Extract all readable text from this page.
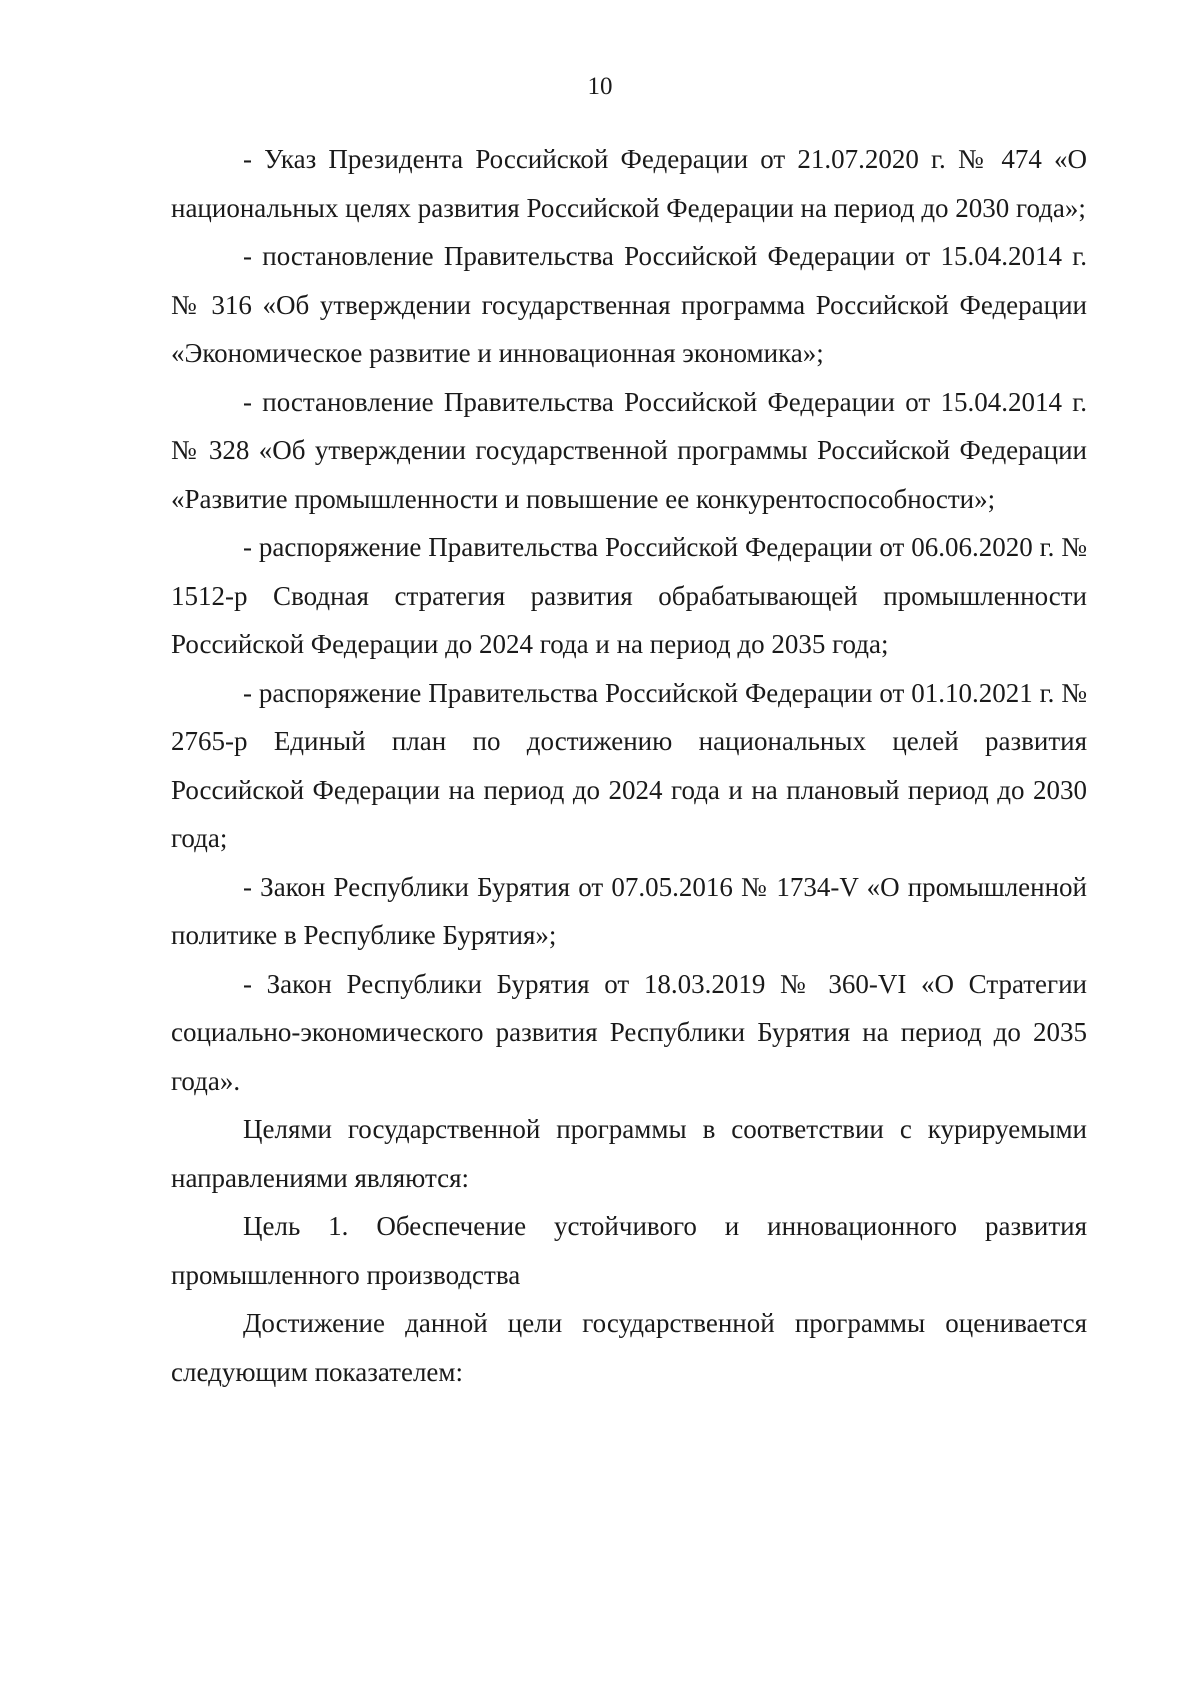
10

- Указ Президента Российской Федерации от 21.07.2020 г. № 474 «О национальных целях развития Российской Федерации на период до 2030 года»;

- постановление Правительства Российской Федерации от 15.04.2014 г. № 316 «Об утверждении государственная программа Российской Федерации «Экономическое развитие и инновационная экономика»;

- постановление Правительства Российской Федерации от 15.04.2014 г. № 328 «Об утверждении государственной программы Российской Федерации «Развитие промышленности и повышение ее конкурентоспособности»;

- распоряжение Правительства Российской Федерации от 06.06.2020 г. № 1512-р Сводная стратегия развития обрабатывающей промышленности Российской Федерации до 2024 года и на период до 2035 года;

- распоряжение Правительства Российской Федерации от 01.10.2021 г. № 2765-р Единый план по достижению национальных целей развития Российской Федерации на период до 2024 года и на плановый период до 2030 года;

- Закон Республики Бурятия от 07.05.2016 № 1734-V «О промышленной политике в Республике Бурятия»;

- Закон Республики Бурятия от 18.03.2019 № 360-VI «О Стратегии социально-экономического развития Республики Бурятия на период до 2035 года».

Целями государственной программы в соответствии с курируемыми направлениями являются:

Цель 1. Обеспечение устойчивого и инновационного развития промышленного производства

Достижение данной цели государственной программы оценивается следующим показателем:
